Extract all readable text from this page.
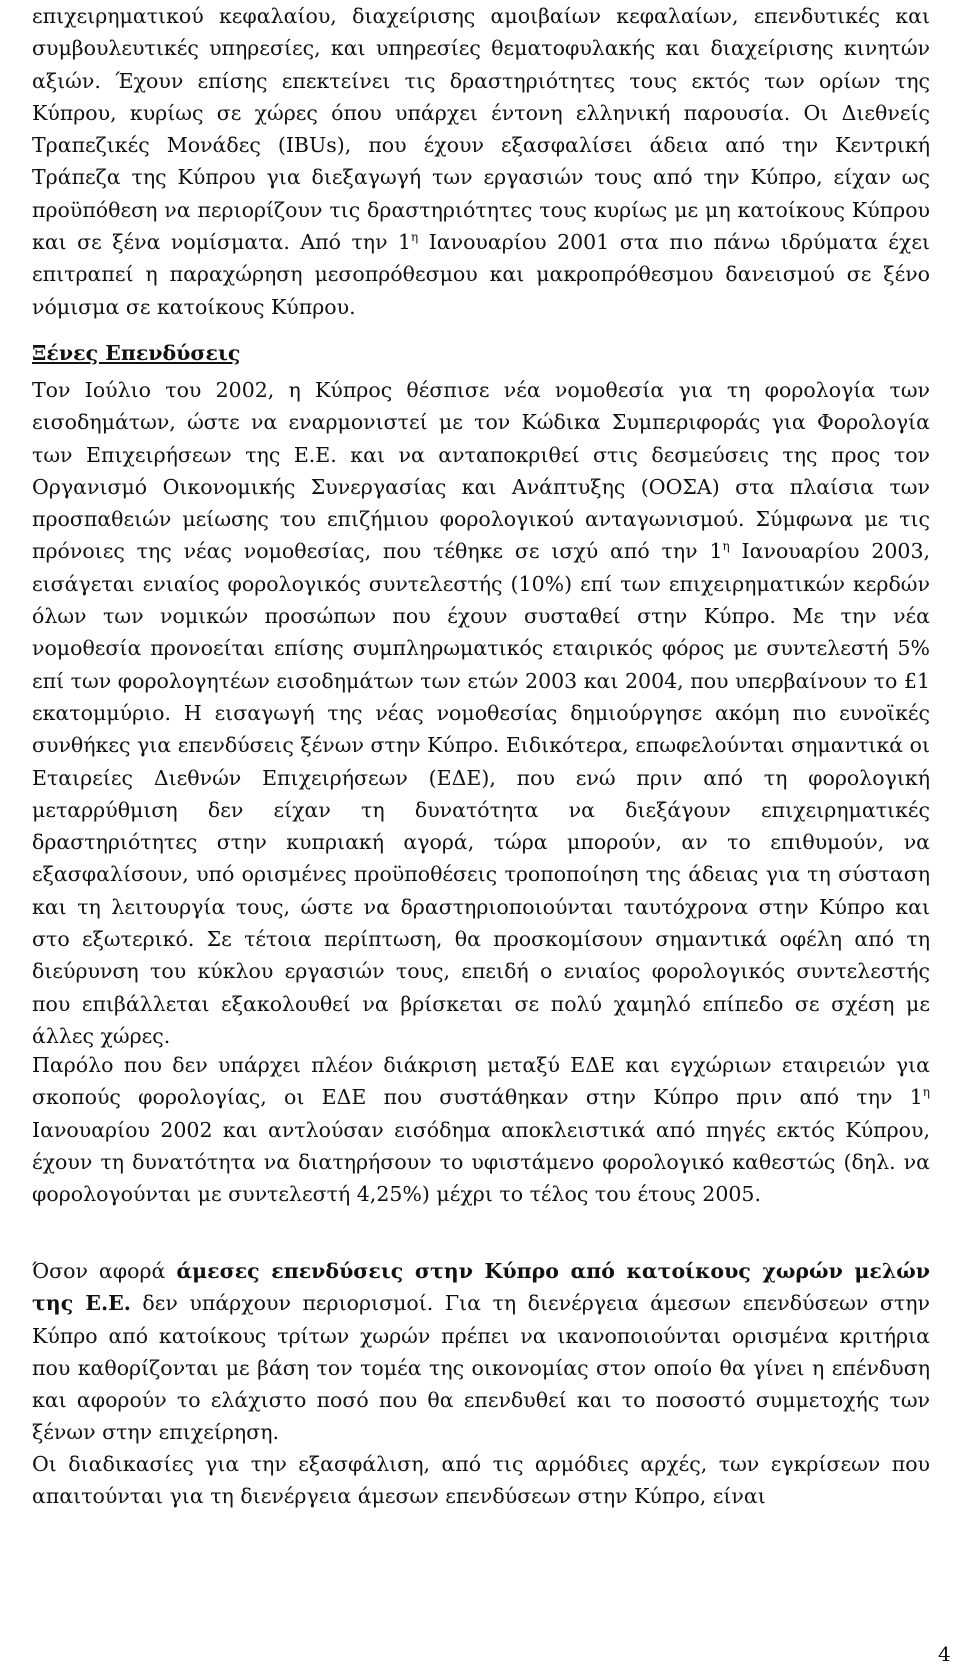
επιχειρηματικού κεφαλαίου, διαχείρισης αμοιβαίων κεφαλαίων, επενδυτικές και συμβουλευτικές υπηρεσίες, και υπηρεσίες θεματοφυλακής και διαχείρισης κινητών αξιών. Έχουν επίσης επεκτείνει τις δραστηριότητες τους εκτός των ορίων της Κύπρου, κυρίως σε χώρες όπου υπάρχει έντονη ελληνική παρουσία. Οι Διεθνείς Τραπεζικές Μονάδες (IBUs), που έχουν εξασφαλίσει άδεια από την Κεντρική Τράπεζα της Κύπρου για διεξαγωγή των εργασιών τους από την Κύπρο, είχαν ως προϋπόθεση να περιορίζουν τις δραστηριότητες τους κυρίως με μη κατοίκους Κύπρου και σε ξένα νομίσματα. Από την $1^\eta$ Ιανουαρίου 2001 στα πιο πάνω ιδρύματα έχει επιτραπεί η παραχώρηση μεσοπρόθεσμου και μακροπρόθεσμου δανεισμού σε ξένο νόμισμα σε κατοίκους Κύπρου.

Ξένες Επενδύσεις

Τον Ιούλιο του 2002, η Κύπρος θέσπισε νέα νομοθεσία για τη φορολογία των εισοδημάτων, ώστε να εναρμονιστεί με τον Κώδικα Συμπεριφοράς για Φορολογία των Επιχειρήσεων της Ε.Ε. και να ανταποκριθεί στις δεσμεύσεις της προς τον Οργανισμό Οικονομικής Συνεργασίας και Ανάπτυξης (ΟΟΣΑ) στα πλαίσια των προσπαθειών μείωσης του επιζήμιου φορολογικού ανταγωνισμού. Σύμφωνα με τις πρόνοιες της νέας νομοθεσίας, που τέθηκε σε ισχύ από την $1^\eta$ Ιανουαρίου 2003, εισάγεται ενιαίος φορολογικός συντελεστής (10%) επί των επιχειρηματικών κερδών όλων των νομικών προσώπων που έχουν συσταθεί στην Κύπρο. Με την νέα νομοθεσία προνοείται επίσης συμπληρωματικός εταιρικός φόρος με συντελεστή 5% επί των φορολογητέων εισοδημάτων των ετών 2003 και 2004, που υπερβαίνουν το £1 εκατομμύριο. Η εισαγωγή της νέας νομοθεσίας δημιούργησε ακόμη πιο ευνοϊκές συνθήκες για επενδύσεις ξένων στην Κύπρο. Ειδικότερα, επωφελούνται σημαντικά οι Εταιρείες Διεθνών Επιχειρήσεων (ΕΔΕ), που ενώ πριν από τη φορολογική μεταρρύθμιση δεν είχαν τη δυνατότητα να διεξάγουν επιχειρηματικές δραστηριότητες στην κυπριακή αγορά, τώρα μπορούν, αν το επιθυμούν, να εξασφαλίσουν, υπό ορισμένες προϋποθέσεις τροποποίηση της άδειας για τη σύσταση και τη λειτουργία τους, ώστε να δραστηριοποιούνται ταυτόχρονα στην Κύπρο και στο εξωτερικό. Σε τέτοια περίπτωση, θα προσκομίσουν σημαντικά οφέλη από τη διεύρυνση του κύκλου εργασιών τους, επειδή ο ενιαίος φορολογικός συντελεστής που επιβάλλεται εξακολουθεί να βρίσκεται σε πολύ χαμηλό επίπεδο σε σχέση με άλλες χώρες.

Παρόλο που δεν υπάρχει πλέον διάκριση μεταξύ ΕΔΕ και εγχώριων εταιρειών για σκοπούς φορολογίας, οι ΕΔΕ που συστάθηκαν στην Κύπρο πριν από την $1^\eta$ Ιανουαρίου 2002 και αντλούσαν εισόδημα αποκλειστικά από πηγές εκτός Κύπρου, έχουν τη δυνατότητα να διατηρήσουν το υφιστάμενο φορολογικό καθεστώς (δηλ. να φορολογούνται με συντελεστή 4,25%) μέχρι το τέλος του έτους 2005.

Όσον αφορά άμεσες επενδύσεις στην Κύπρο από κατοίκους χωρών μελών της Ε.Ε. δεν υπάρχουν περιορισμοί. Για τη διενέργεια άμεσων επενδύσεων στην Κύπρο από κατοίκους τρίτων χωρών πρέπει να ικανοποιούνται ορισμένα κριτήρια που καθορίζονται με βάση τον τομέα της οικονομίας στον οποίο θα γίνει η επένδυση και αφορούν το ελάχιστο ποσό που θα επενδυθεί και το ποσοστό συμμετοχής των ξένων στην επιχείρηση.

Οι διαδικασίες για την εξασφάλιση, από τις αρμόδιες αρχές, των εγκρίσεων που απαιτούνται για τη διενέργεια άμεσων επενδύσεων στην Κύπρο, είναι

4
